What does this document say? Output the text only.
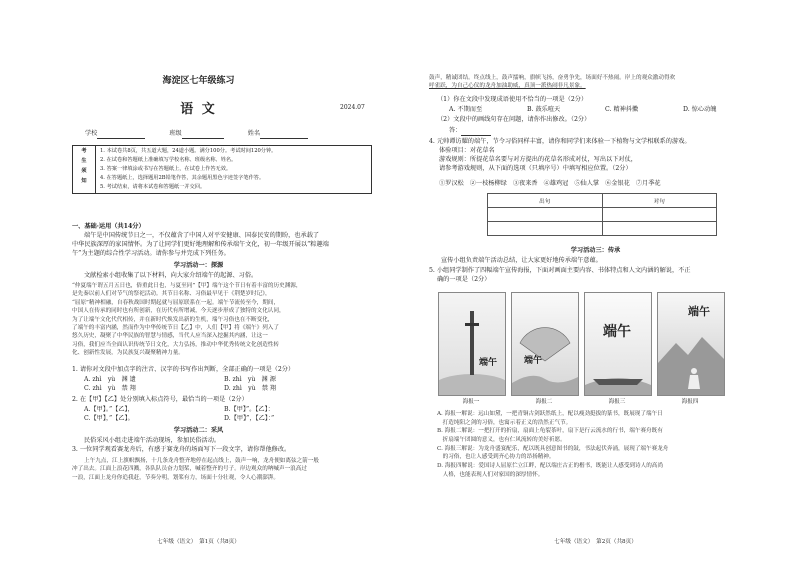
海淀区七年级练习

语 文	2024.07

学校	班级	姓名
考
生
须
知	
1. 本试卷共8页，共五道大题，24道小题。满分100分。考试时间120分钟。
2. 在试卷和答题纸上准确填写学校名称、班级名称、姓名。
3. 答案一律填涂或书写在答题纸上，在试卷上作答无效。
4. 在答题纸上，选择题用2B铅笔作答，其余题用黑色字迹签字笔作答。
5. 考试结束，请将本试卷和答题纸一并交回。

一、基础·运用（共14分）

端午是中国传统节日之一，不仅蕴含了中国人对平安健康、国泰民安的期盼，也承载了
中华民族深厚的家国情怀。为了让同学们更好地理解和传承端午文化，初一年级开展以“粽趣端
午”为主题的综合性学习活动。请你参与并完成下列任务。

学习活动一：探源

文献检索小组收集了以下材料，向大家介绍端午的起源、习俗。

“仲夏端午谓五月五日也，俗重此日也，与夏至同”【甲】端午这个节日有着丰富的历史渊源，
是先秦以前人们对节气的祭祀活动。其节日名称、习俗最早见于《荆楚岁时记》，
“屈原”精神相融，自春秋战国时期起就与屈原联系在一起。端午节流传至今，期间，
中国人在传承的同时也有所创新，在历代有所增减，今天逐步形成了独特的文化认同，
为了让端午文化代代相传，并在新时代焕发出新的生机，端午习俗也在不断变化，
了端午的丰富内涵，然而作为中华传统节日【乙】中，人们【甲】将《端午》列入了
悠久历史，凝聚了中华民族的智慧与情感，当代人应当深入挖掘其内涵，让这一
习俗，我们应当全面认识传统节日文化，大力弘扬，推动中华优秀传统文化创造性转
化、创新性发展，为民族复兴凝聚精神力量。

1. 请你对文段中加点字的注音、汉字的书写作出判断，全部正确的一项是（2分）

A. zhì　yù　渊 遗	B. zhì　yù　渊 源
C. zhì　yù　禁 翔	D. zhì　yù　禁 翔

2. 在【甲】【乙】处分别填入标点符号，最恰当的一项是（2分）

A.【甲】。”【乙】，	B.【甲】”。【乙】：
C.【甲】，”【乙】。	D.【甲】”，【乙】：”

学习活动二：采风

民俗采风小组走进端午活动现场，参加民俗活动。
3. 一位同学观看赛龙舟后，有感于赛龙舟的场面写下一段文字，请你帮他修改。
上午九点，江上旗帜飘扬，十几条龙舟整齐地停在起点线上，鼓声一响，龙舟便如离弦之箭一般
冲了出去。江面上浪花四溅，各队队员奋力划桨，喊着整齐的号子。岸边观众的呐喊声一浪高过
一浪，江面上龙舟你追我赶，节奏分明，划桨有力，场面十分壮观，令人心潮澎湃。

七年级（语文）　第1页（共8页）

鼓声，精诚团结。终点线上，鼓声擂响，旗帜飞扬，奋勇争先，场面好不热闹。岸上的观众激动得欢
呼雀跃，为自己心仪的龙舟加油助威，真顶一派热闹非凡景象。

（1）你在文段中发现成语使用不恰当的一项是（2分）

A. 不期而至	B. 鼓乐喧天	C. 精神抖擞	D. 惊心动魄

（2）文段中的画线句存在问题，请你作出修改。（2分）

答：

4. 元帅谭访耀的端午，节令习俗同样丰富，请你和同学们来体验一下植物与文学相联系的游戏。
体验项目：对花草名
游戏规则：所提花草名要与对方提出的花草名形成对仗，写出以下对仗，
请参考游戏规则，从下面的选项（只填序号）中填写相应位置。（2分）
①罗汉松 ②一枝杨柳绿 ③夜来香 ④雄鸡冠 ⑤仙人掌 ⑥金银花 ⑦月季花
出句	对句

学习活动三：传承

宣传小组负责端午活动总结，让大家更好地传承端午意蕴。

5. 小组同学制作了四幅端午宣传海报，下面对画面主要内容、书体特点和人文内涵的解说，不正
确的一项是（2分）
端午	端午
端午
端午
海报一	海报二	海报三	海报四
A. 海报一解说：远山如黛，一把青铜古剑跃然纸上，配以瘦劲挺拔的篆书，既展现了端午日
　打造纯阳之剑的习俗，也寓示着正义的浩然正气节。
B. 海报二解说：一把打开的折扇，扇面上龟裂茶叶，扇下是行云流水的行书，端午赛舟既有
　折扇端午团圆的意义，也有仁风流转的美好祈愿。
C. 海报三解说：为龙舟盛宴配乐，配以既具创意图书的鼓，书法起伏奔涌，展现了端午赛龙舟
　的习俗，也让人感受到齐心协力的昂扬精神。
D. 海报四解说：爱国诗人屈原伫立江畔，配以端庄古正的楷书，既能让人感受到诗人的高尚
　人格，也能表现人们对家国的深厚情怀。

七年级（语文）　第2页（共8页）
